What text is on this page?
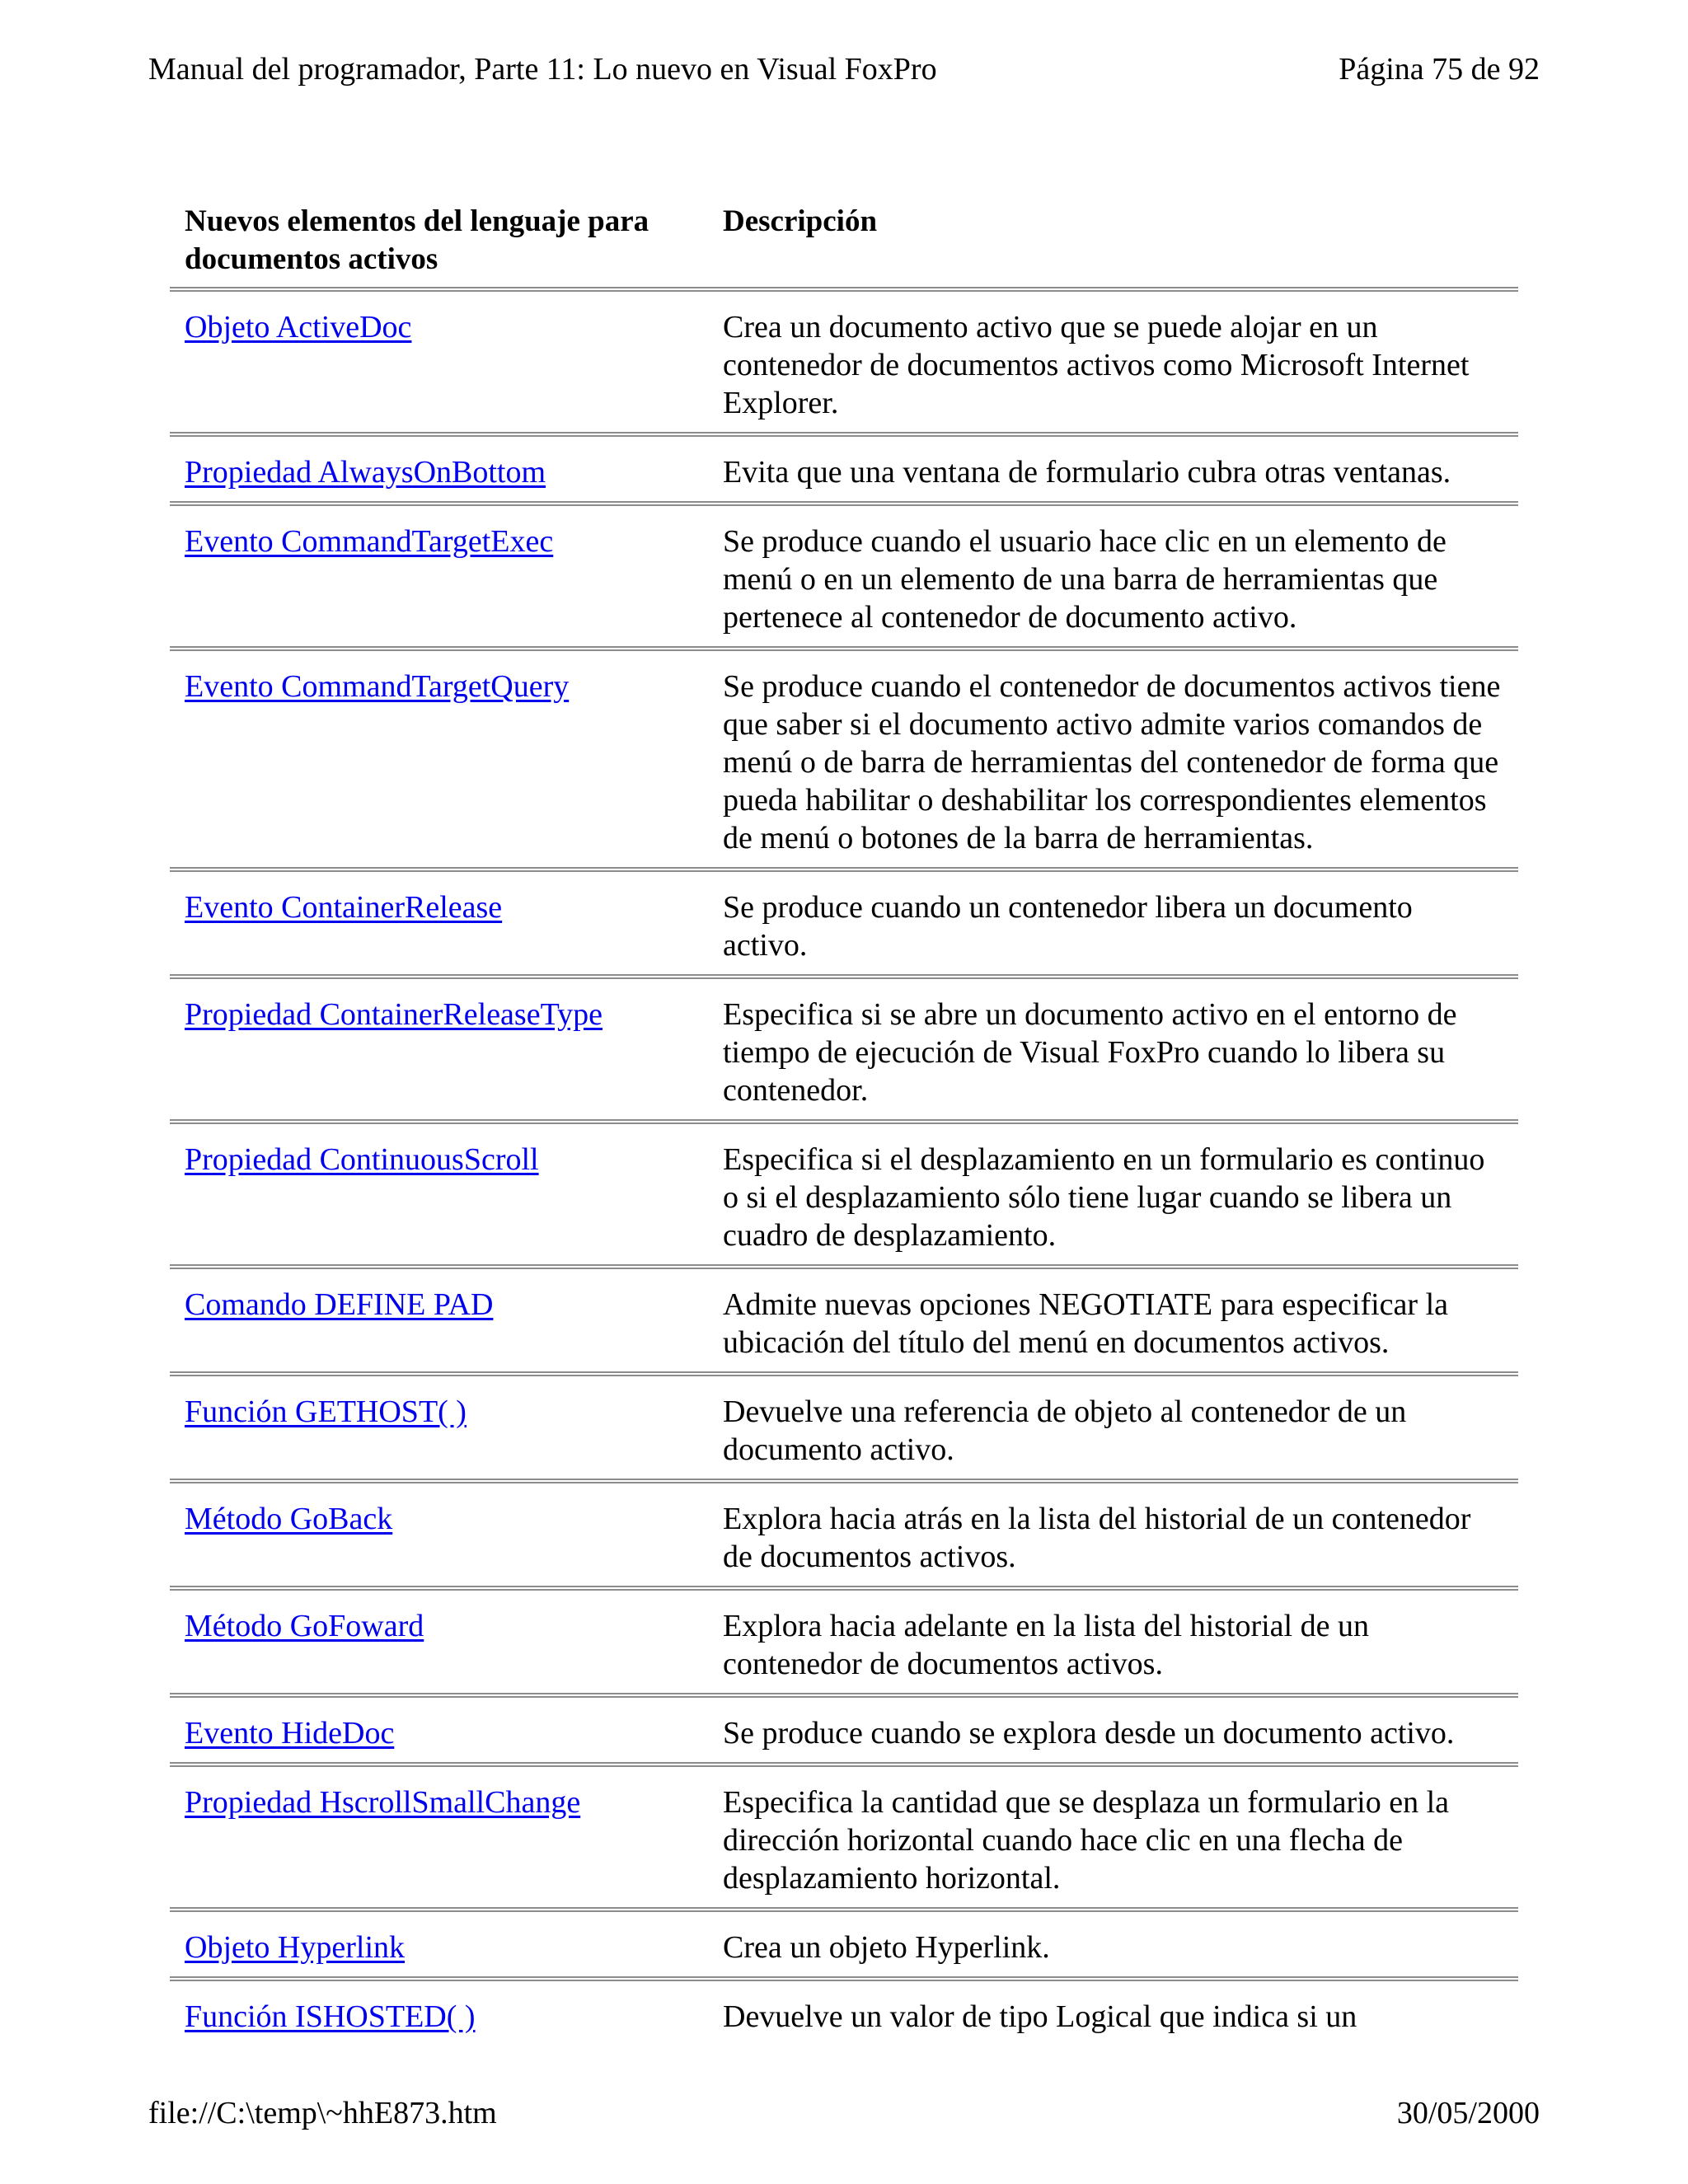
Manual del programador, Parte 11: Lo nuevo en Visual FoxPro	Página 75 de 92
Nuevos elementos del lenguaje para documentos activos
Descripción
Objeto ActiveDoc	Crea un documento activo que se puede alojar en un contenedor de documentos activos como Microsoft Internet Explorer.
Propiedad AlwaysOnBottom	Evita que una ventana de formulario cubra otras ventanas.
Evento CommandTargetExec	Se produce cuando el usuario hace clic en un elemento de menú o en un elemento de una barra de herramientas que pertenece al contenedor de documento activo.
Evento CommandTargetQuery	Se produce cuando el contenedor de documentos activos tiene que saber si el documento activo admite varios comandos de menú o de barra de herramientas del contenedor de forma que pueda habilitar o deshabilitar los correspondientes elementos de menú o botones de la barra de herramientas.
Evento ContainerRelease	Se produce cuando un contenedor libera un documento activo.
Propiedad ContainerReleaseType	Especifica si se abre un documento activo en el entorno de tiempo de ejecución de Visual FoxPro cuando lo libera su contenedor.
Propiedad ContinuousScroll	Especifica si el desplazamiento en un formulario es continuo o si el desplazamiento sólo tiene lugar cuando se libera un cuadro de desplazamiento.
Comando DEFINE PAD	Admite nuevas opciones NEGOTIATE para especificar la ubicación del título del menú en documentos activos.
Función GETHOST( )	Devuelve una referencia de objeto al contenedor de un documento activo.
Método GoBack	Explora hacia atrás en la lista del historial de un contenedor de documentos activos.
Método GoFoward	Explora hacia adelante en la lista del historial de un contenedor de documentos activos.
Evento HideDoc	Se produce cuando se explora desde un documento activo.
Propiedad HscrollSmallChange	Especifica la cantidad que se desplaza un formulario en la dirección horizontal cuando hace clic en una flecha de desplazamiento horizontal.
Objeto Hyperlink	Crea un objeto Hyperlink.
Función ISHOSTED( )	Devuelve un valor de tipo Logical que indica si un
file://C:\temp\~hhE873.htm	30/05/2000
